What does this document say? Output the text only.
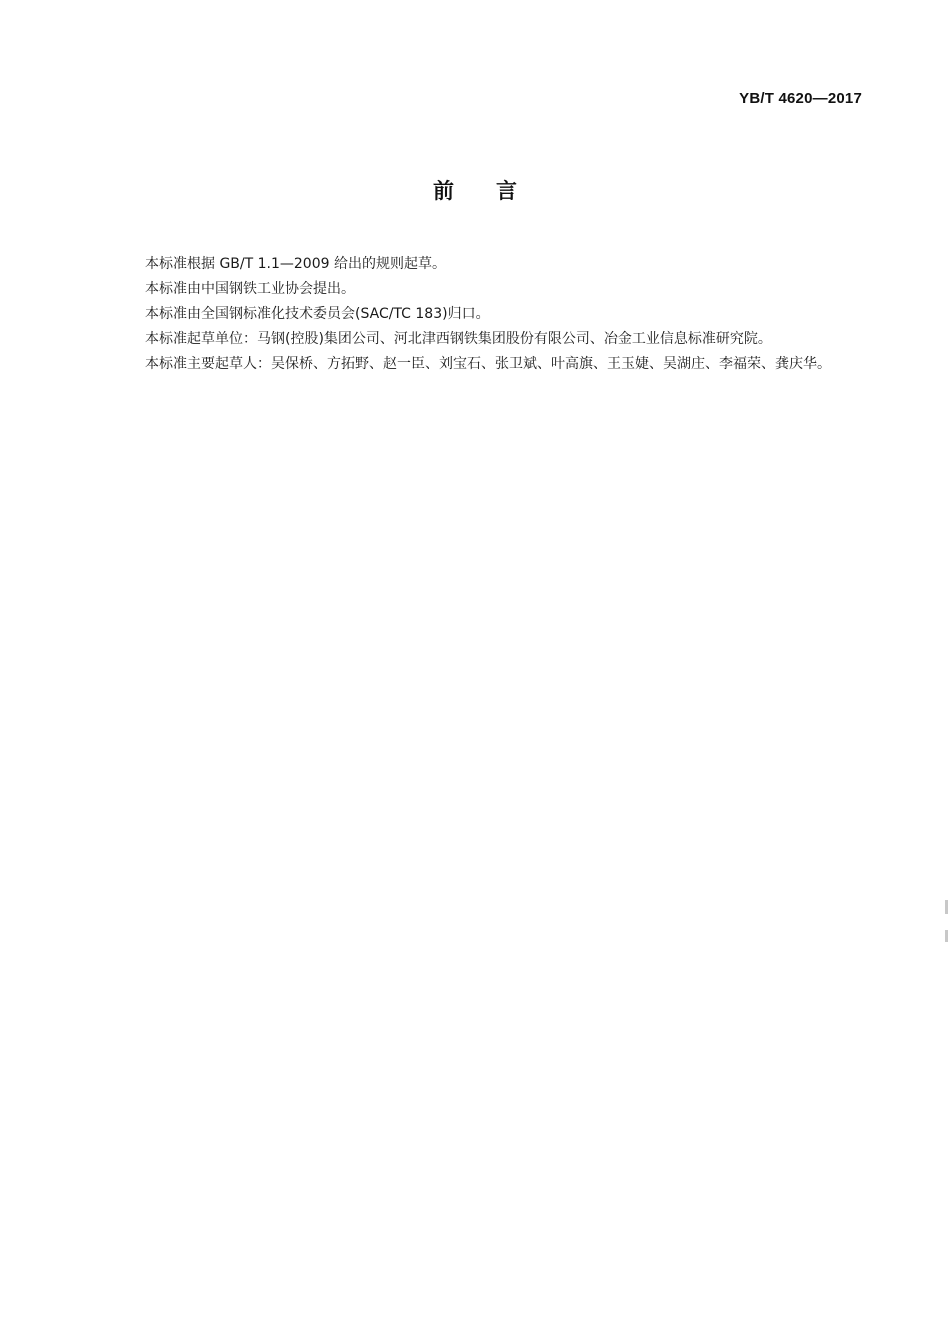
YB/T 4620—2017
前　　言

本标准根据 GB/T 1.1—2009 给出的规则起草。

本标准由中国钢铁工业协会提出。

本标准由全国钢标准化技术委员会(SAC/TC 183)归口。

本标准起草单位：马钢(控股)集团公司、河北津西钢铁集团股份有限公司、冶金工业信息标准研究院。

本标准主要起草人：吴保桥、方拓野、赵一臣、刘宝石、张卫斌、叶高旗、王玉婕、吴湖庄、李福荣、龚庆华。
